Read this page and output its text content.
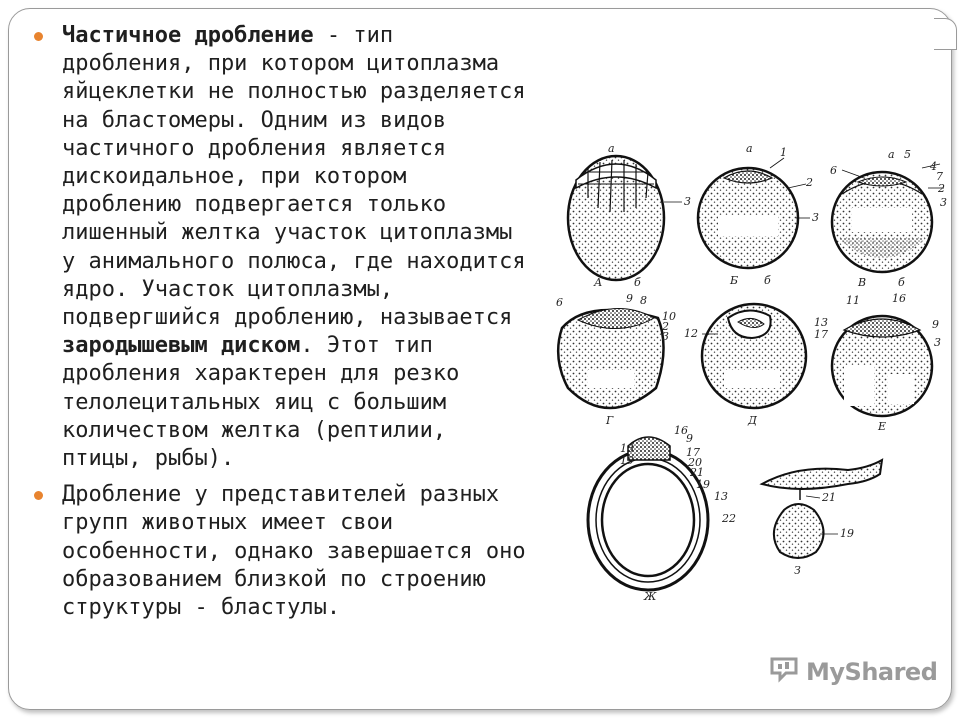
Частичное дробление - тип дробления, при котором цитоплазма яйцеклетки не полностью разделяется на бластомеры. Одним из видов частичного дробления является дискоидальное, при котором дроблению подвергается только лишенный желтка участок цитоплазмы у анимального полюса, где находится ядро. Участок цитоплазмы, подвергшийся дроблению, называется зародышевым диском. Этот тип дробления характерен для резко телолецитальных яиц с большим количеством желтка (рептилии, птицы, рыбы).

Дробление у представителей разных групп животных имеет свои особенности, однако завершается оно образованием близкой по строению структуры - бластулы.

а
3
А	б
а 1
2
3
Б б
а
6
5
4
7
2
3
В	б
6	9 8
10
2
3
Г
12
Д
11	16
13
17
9
3
Е
16
9
13
19
17
20
21
19
13
22
Ж
21
19
З
MyShared
